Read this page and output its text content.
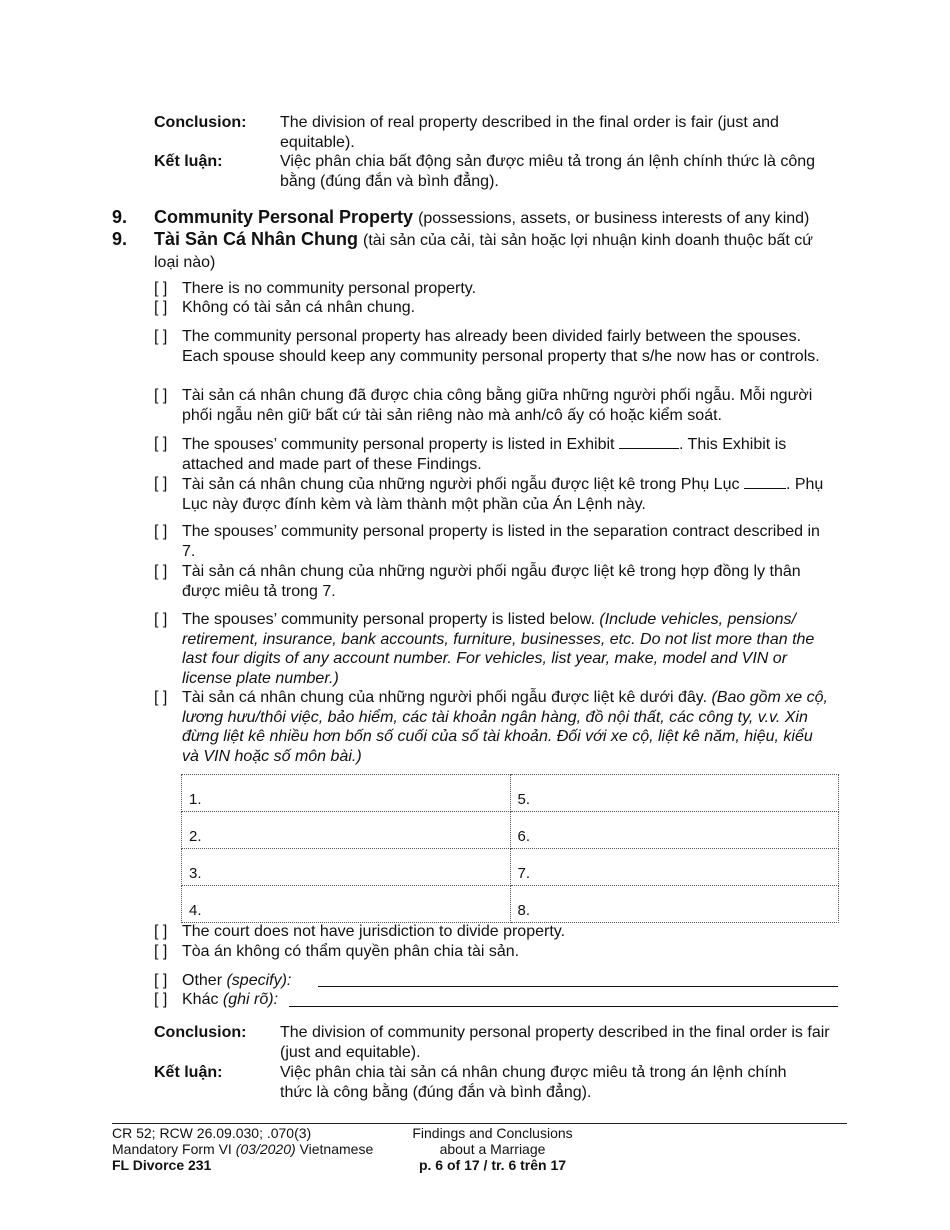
Conclusion: The division of real property described in the final order is fair (just and equitable).
Kết luận:	Việc phân chia bất động sản được miêu tả trong án lệnh chính thức là công bằng (đúng đắn và bình đẳng).
9. Community Personal Property (possessions, assets, or business interests of any kind)
9. Tài Sản Cá Nhân Chung (tài sản của cải, tài sản hoặc lợi nhuận kinh doanh thuộc bất cứ loại nào)
[ ] There is no community personal property.
[ ] Không có tài sản cá nhân chung.
[ ] The community personal property has already been divided fairly between the spouses. Each spouse should keep any community personal property that s/he now has or controls.
[ ] Tài sản cá nhân chung đã được chia công bằng giữa những người phối ngẫu. Mỗi người phối ngẫu nên giữ bất cứ tài sản riêng nào mà anh/cô ấy có hoặc kiểm soát.
[ ] The spouses’ community personal property is listed in Exhibit	. This Exhibit is attached and made part of these Findings.
[ ] Tài sản cá nhân chung của những người phối ngẫu được liệt kê trong Phụ Lục	. Phụ Lục này được đính kèm và làm thành một phần của Án Lệnh này.
[ ] The spouses’ community personal property is listed in the separation contract described in 7.
[ ] Tài sản cá nhân chung của những người phối ngẫu được liệt kê trong hợp đồng ly thân được miêu tả trong 7.
[ ] The spouses’ community personal property is listed below. (Include vehicles, pensions/ retirement, insurance, bank accounts, furniture, businesses, etc. Do not list more than the last four digits of any account number. For vehicles, list year, make, model and VIN or license plate number.)
[ ] Tài sản cá nhân chung của những người phối ngẫu được liệt kê dưới đây. (Bao gồm xe cộ, lương hưu/thôi việc, bảo hiểm, các tài khoản ngân hàng, đồ nội thất, các công ty, v.v. Xin đừng liệt kê nhiều hơn bốn số cuối của số tài khoản. Đối với xe cộ, liệt kê năm, hiệu, kiểu và VIN hoặc số môn bài.)
1.	5.
2.	6.
3.	7.
4.	8.
[ ] The court does not have jurisdiction to divide property.
[ ] Tòa án không có thẩm quyền phân chia tài sản.
[ ] Other (specify):
[ ] Khác (ghi rõ):
Conclusion: The division of community personal property described in the final order is fair (just and equitable).
Kết luận:	Việc phân chia tài sản cá nhân chung được miêu tả trong án lệnh chính thức là công bằng (đúng đắn và bình đẳng).
CR 52; RCW 26.09.030; .070(3)
Mandatory Form VI (03/2020) Vietnamese
FL Divorce 231
Findings and Conclusions
about a Marriage
p. 6 of 17 / tr. 6 trên 17
